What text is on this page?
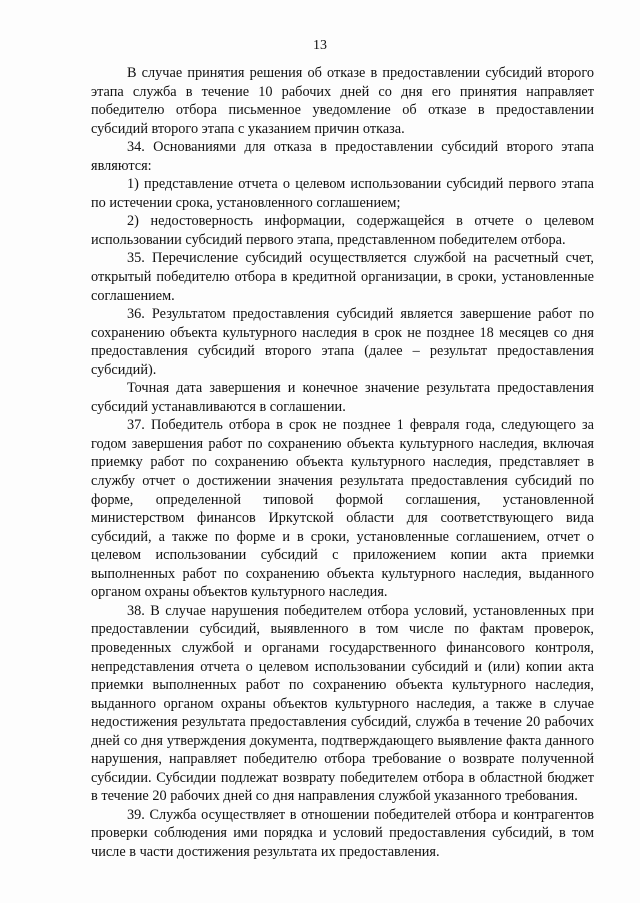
13

В случае принятия решения об отказе в предоставлении субсидий второго этапа служба в течение 10 рабочих дней со дня его принятия направляет победителю отбора письменное уведомление об отказе в предоставлении субсидий второго этапа с указанием причин отказа.

34. Основаниями для отказа в предоставлении субсидий второго этапа являются:

1) представление отчета о целевом использовании субсидий первого этапа по истечении срока, установленного соглашением;

2) недостоверность информации, содержащейся в отчете о целевом использовании субсидий первого этапа, представленном победителем отбора.

35. Перечисление субсидий осуществляется службой на расчетный счет, открытый победителю отбора в кредитной организации, в сроки, установленные соглашением.

36. Результатом предоставления субсидий является завершение работ по сохранению объекта культурного наследия в срок не позднее 18 месяцев со дня предоставления субсидий второго этапа (далее – результат предоставления субсидий).

Точная дата завершения и конечное значение результата предоставления субсидий устанавливаются в соглашении.

37. Победитель отбора в срок не позднее 1 февраля года, следующего за годом завершения работ по сохранению объекта культурного наследия, включая приемку работ по сохранению объекта культурного наследия, представляет в службу отчет о достижении значения результата предоставления субсидий по форме, определенной типовой формой соглашения, установленной министерством финансов Иркутской области для соответствующего вида субсидий, а также по форме и в сроки, установленные соглашением, отчет о целевом использовании субсидий с приложением копии акта приемки выполненных работ по сохранению объекта культурного наследия, выданного органом охраны объектов культурного наследия.

38. В случае нарушения победителем отбора условий, установленных при предоставлении субсидий, выявленного в том числе по фактам проверок, проведенных службой и органами государственного финансового контроля, непредставления отчета о целевом использовании субсидий и (или) копии акта приемки выполненных работ по сохранению объекта культурного наследия, выданного органом охраны объектов культурного наследия, а также в случае недостижения результата предоставления субсидий, служба в течение 20 рабочих дней со дня утверждения документа, подтверждающего выявление факта данного нарушения, направляет победителю отбора требование о возврате полученной субсидии. Субсидии подлежат возврату победителем отбора в областной бюджет в течение 20 рабочих дней со дня направления службой указанного требования.

39. Служба осуществляет в отношении победителей отбора и контрагентов проверки соблюдения ими порядка и условий предоставления субсидий, в том числе в части достижения результата их предоставления.
